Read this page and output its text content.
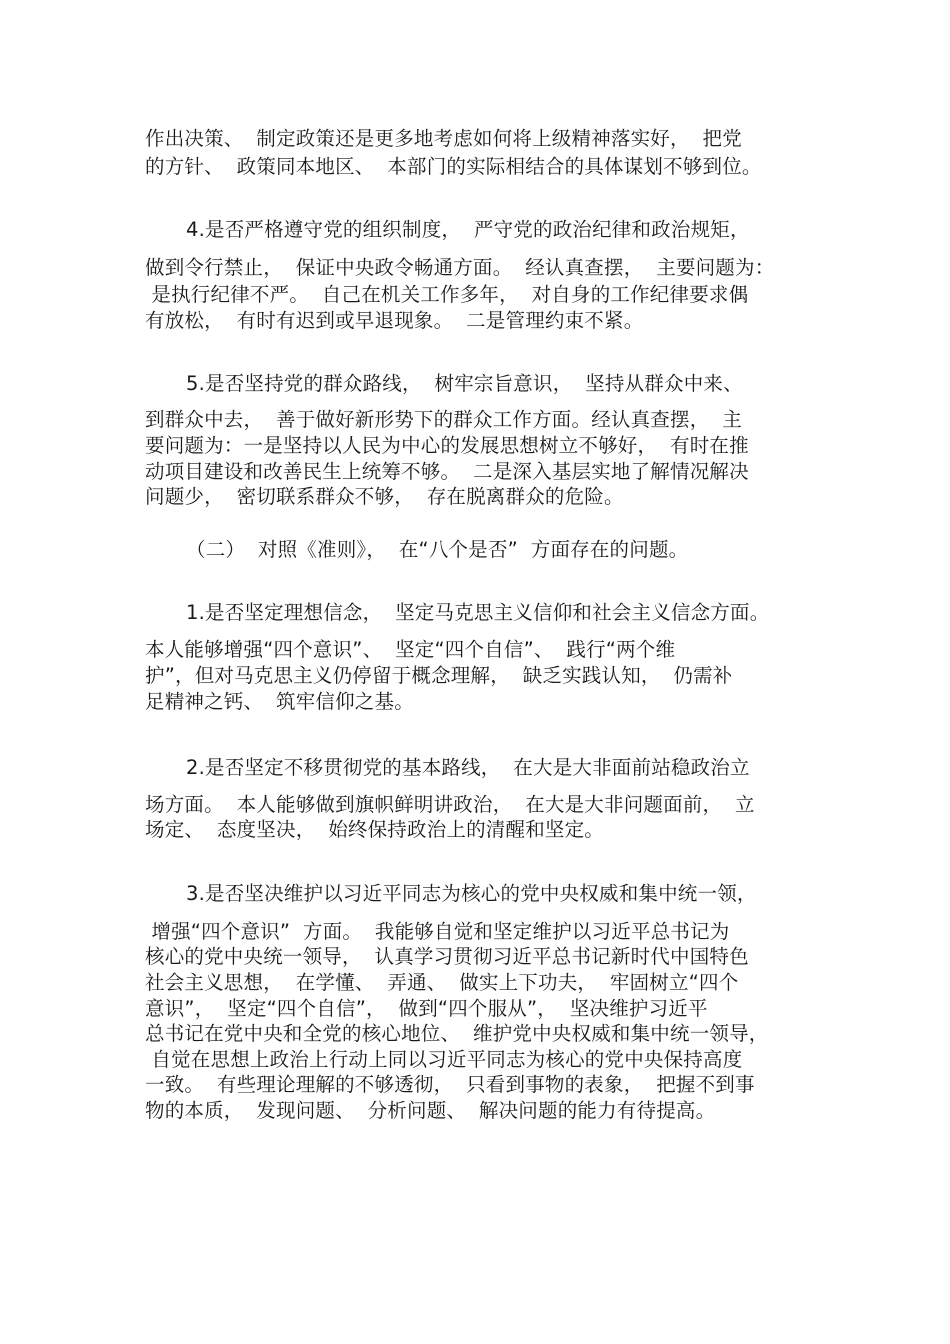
作出决策、  制定政策还是更多地考虑如何将上级精神落实好，  把党
的方针、  政策同本地区、  本部门的实际相结合的具体谋划不够到位。
4.是否严格遵守党的组织制度，  严守党的政治纪律和政治规矩，
做到令行禁止，  保证中央政令畅通方面。  经认真查摆，  主要问题为：
是执行纪律不严。  自己在机关工作多年，  对自身的工作纪律要求偶
有放松，  有时有迟到或早退现象。  二是管理约束不紧。
5.是否坚持党的群众路线，  树牢宗旨意识，  坚持从群众中来、
到群众中去，  善于做好新形势下的群众工作方面。经认真查摆，  主
要问题为：一是坚持以人民为中心的发展思想树立不够好，  有时在推
动项目建设和改善民生上统筹不够。  二是深入基层实地了解情况解决
问题少，  密切联系群众不够，  存在脱离群众的危险。
（二）  对照《准则》，  在“八个是否”  方面存在的问题。
1.是否坚定理想信念，  坚定马克思主义信仰和社会主义信念方面。
本人能够增强“四个意识”、  坚定“四个自信”、  践行“两个维
护”，但对马克思主义仍停留于概念理解，  缺乏实践认知，  仍需补
足精神之钙、  筑牢信仰之基。
2.是否坚定不移贯彻党的基本路线，  在大是大非面前站稳政治立
场方面。  本人能够做到旗帜鲜明讲政治，  在大是大非问题面前，  立
场定、  态度坚决，  始终保持政治上的清醒和坚定。
3.是否坚决维护以习近平同志为核心的党中央权威和集中统一领，
增强“四个意识”  方面。  我能够自觉和坚定维护以习近平总书记为
核心的党中央统一领导，  认真学习贯彻习近平总书记新时代中国特色
社会主义思想，  在学懂、  弄通、  做实上下功夫，  牢固树立“四个
意识”，  坚定“四个自信”，  做到“四个服从”，  坚决维护习近平
总书记在党中央和全党的核心地位、  维护党中央权威和集中统一领导，
自觉在思想上政治上行动上同以习近平同志为核心的党中央保持高度
一致。  有些理论理解的不够透彻，  只看到事物的表象，  把握不到事
物的本质，  发现问题、  分析问题、  解决问题的能力有待提高。
